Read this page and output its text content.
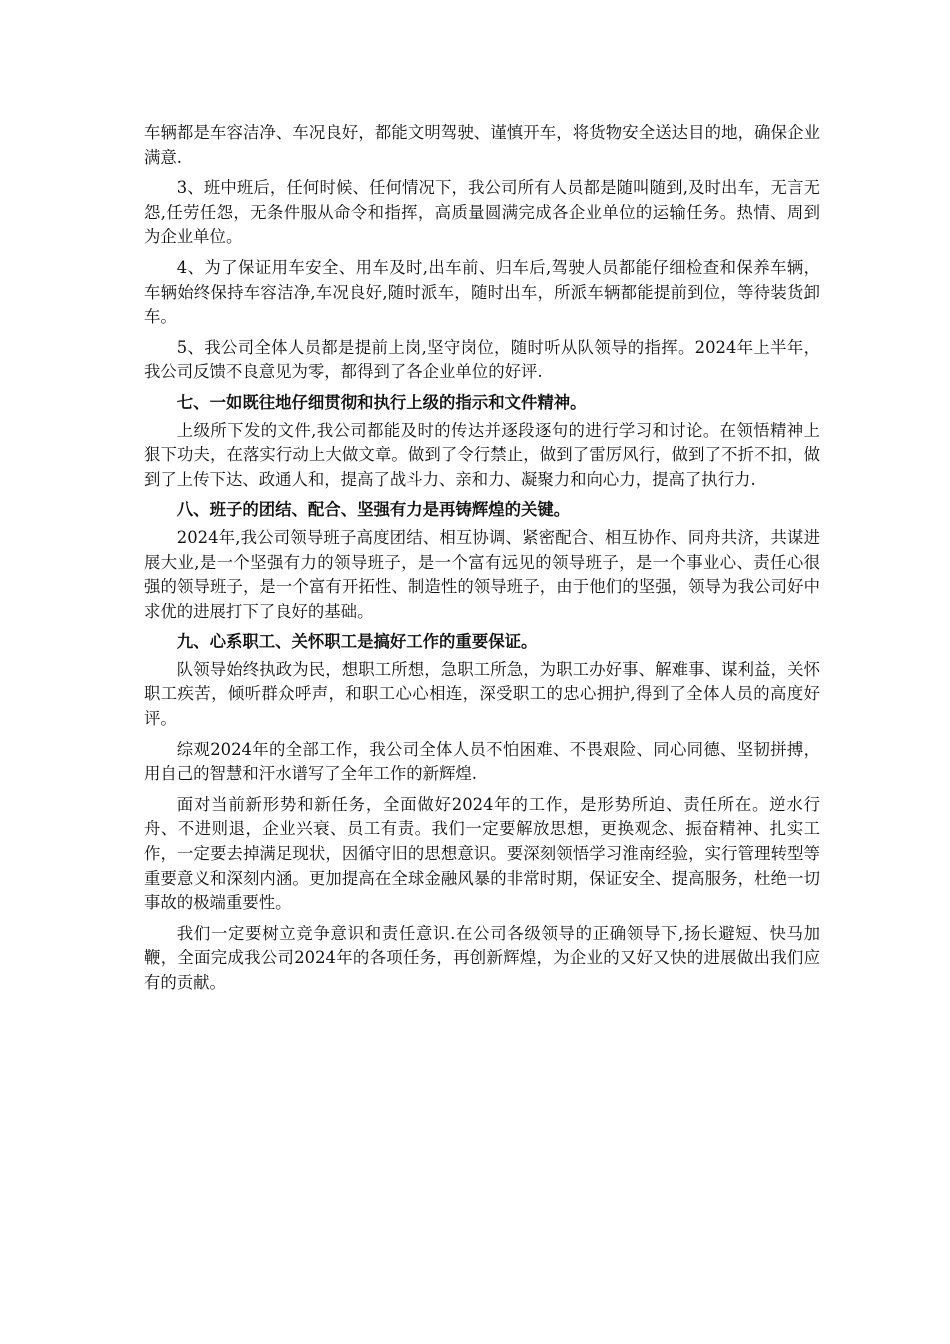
车辆都是车容洁净、车况良好，都能文明驾驶、谨慎开车，将货物安全送达目的地，确保企业满意.

3、班中班后，任何时候、任何情况下，我公司所有人员都是随叫随到,及时出车，无言无怨,任劳任怨，无条件服从命令和指挥，高质量圆满完成各企业单位的运输任务。热情、周到为企业单位。

4、为了保证用车安全、用车及时,出车前、归车后,驾驶人员都能仔细检查和保养车辆，车辆始终保持车容洁净,车况良好,随时派车，随时出车，所派车辆都能提前到位，等待装货卸车。

5、我公司全体人员都是提前上岗,坚守岗位，随时听从队领导的指挥。2024年上半年，我公司反馈不良意见为零，都得到了各企业单位的好评.

七、一如既往地仔细贯彻和执行上级的指示和文件精神。

上级所下发的文件,我公司都能及时的传达并逐段逐句的进行学习和讨论。在领悟精神上狠下功夫，在落实行动上大做文章。做到了令行禁止，做到了雷厉风行，做到了不折不扣，做到了上传下达、政通人和，提高了战斗力、亲和力、凝聚力和向心力，提高了执行力.

八、班子的团结、配合、坚强有力是再铸辉煌的关键。

2024年,我公司领导班子高度团结、相互协调、紧密配合、相互协作、同舟共济，共谋进展大业,是一个坚强有力的领导班子，是一个富有远见的领导班子，是一个事业心、责任心很强的领导班子，是一个富有开拓性、制造性的领导班子，由于他们的坚强，领导为我公司好中求优的进展打下了良好的基础。

九、心系职工、关怀职工是搞好工作的重要保证。

队领导始终执政为民，想职工所想，急职工所急，为职工办好事、解难事、谋利益，关怀职工疾苦，倾听群众呼声，和职工心心相连，深受职工的忠心拥护,得到了全体人员的高度好评。

综观2024年的全部工作，我公司全体人员不怕困难、不畏艰险、同心同德、坚韧拼搏，用自己的智慧和汗水谱写了全年工作的新辉煌.

面对当前新形势和新任务，全面做好2024年的工作，是形势所迫、责任所在。逆水行舟、不进则退，企业兴衰、员工有责。我们一定要解放思想，更换观念、振奋精神、扎实工作，一定要去掉满足现状，因循守旧的思想意识。要深刻领悟学习淮南经验，实行管理转型等重要意义和深刻内涵。更加提高在全球金融风暴的非常时期，保证安全、提高服务，杜绝一切事故的极端重要性。

我们一定要树立竞争意识和责任意识.在公司各级领导的正确领导下,扬长避短、快马加鞭，全面完成我公司2024年的各项任务，再创新辉煌，为企业的又好又快的进展做出我们应有的贡献。
